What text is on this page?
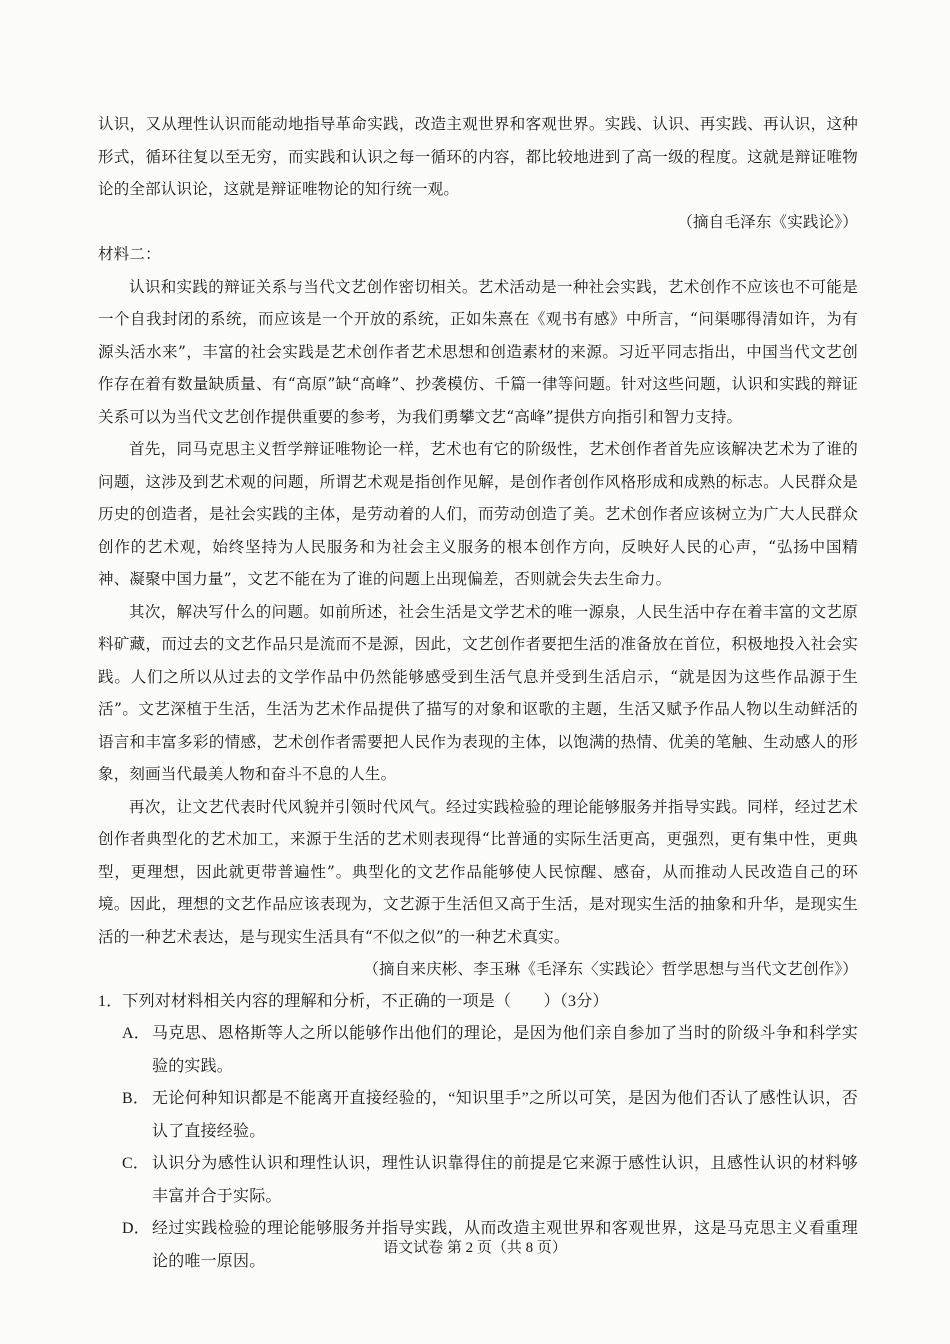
认识，又从理性认识而能动地指导革命实践，改造主观世界和客观世界。实践、认识、再实践、再认识，这种形式，循环往复以至无穷，而实践和认识之每一循环的内容，都比较地进到了高一级的程度。这就是辩证唯物论的全部认识论，这就是辩证唯物论的知行统一观。

（摘自毛泽东《实践论》）

材料二：

认识和实践的辩证关系与当代文艺创作密切相关。艺术活动是一种社会实践，艺术创作不应该也不可能是一个自我封闭的系统，而应该是一个开放的系统，正如朱熹在《观书有感》中所言，“问渠哪得清如许，为有源头活水来”，丰富的社会实践是艺术创作者艺术思想和创造素材的来源。习近平同志指出，中国当代文艺创作存在着有数量缺质量、有“高原”缺“高峰”、抄袭模仿、千篇一律等问题。针对这些问题，认识和实践的辩证关系可以为当代文艺创作提供重要的参考，为我们勇攀文艺“高峰”提供方向指引和智力支持。

首先，同马克思主义哲学辩证唯物论一样，艺术也有它的阶级性，艺术创作者首先应该解决艺术为了谁的问题，这涉及到艺术观的问题，所谓艺术观是指创作见解，是创作者创作风格形成和成熟的标志。人民群众是历史的创造者，是社会实践的主体，是劳动着的人们，而劳动创造了美。艺术创作者应该树立为广大人民群众创作的艺术观，始终坚持为人民服务和为社会主义服务的根本创作方向，反映好人民的心声，“弘扬中国精神、凝聚中国力量”，文艺不能在为了谁的问题上出现偏差，否则就会失去生命力。

其次，解决写什么的问题。如前所述，社会生活是文学艺术的唯一源泉，人民生活中存在着丰富的文艺原料矿藏，而过去的文艺作品只是流而不是源，因此，文艺创作者要把生活的准备放在首位，积极地投入社会实践。人们之所以从过去的文学作品中仍然能够感受到生活气息并受到生活启示，“就是因为这些作品源于生活”。文艺深植于生活，生活为艺术作品提供了描写的对象和讴歌的主题，生活又赋予作品人物以生动鲜活的语言和丰富多彩的情感，艺术创作者需要把人民作为表现的主体，以饱满的热情、优美的笔触、生动感人的形象，刻画当代最美人物和奋斗不息的人生。

再次，让文艺代表时代风貌并引领时代风气。经过实践检验的理论能够服务并指导实践。同样，经过艺术创作者典型化的艺术加工，来源于生活的艺术则表现得“比普通的实际生活更高，更强烈，更有集中性，更典型，更理想，因此就更带普遍性”。典型化的文艺作品能够使人民惊醒、感奋，从而推动人民改造自己的环境。因此，理想的文艺作品应该表现为，文艺源于生活但又高于生活，是对现实生活的抽象和升华，是现实生活的一种艺术表达，是与现实生活具有“不似之似”的一种艺术真实。

（摘自来庆彬、李玉琳《毛泽东〈实践论〉哲学思想与当代文艺创作》）

1．下列对材料相关内容的理解和分析，不正确的一项是（　　）（3分）

A． 马克思、恩格斯等人之所以能够作出他们的理论，是因为他们亲自参加了当时的阶级斗争和科学实验的实践。
B． 无论何种知识都是不能离开直接经验的，“知识里手”之所以可笑，是因为他们否认了感性认识，否认了直接经验。
C． 认识分为感性认识和理性认识，理性认识靠得住的前提是它来源于感性认识，且感性认识的材料够丰富并合于实际。
D． 经过实践检验的理论能够服务并指导实践，从而改造主观世界和客观世界，这是马克思主义看重理论的唯一原因。
语文试卷 第 2 页（共 8 页）
